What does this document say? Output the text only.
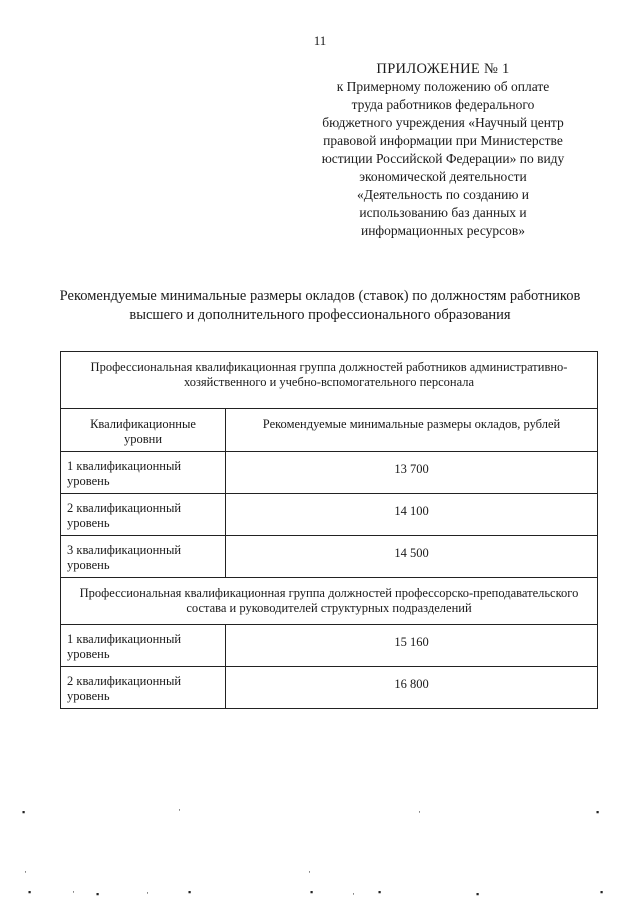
11
ПРИЛОЖЕНИЕ № 1
к Примерному положению об оплате
труда работников федерального
бюджетного учреждения «Научный центр
правовой информации при Министерстве
юстиции Российской Федерации» по виду
экономической деятельности
«Деятельность по созданию и
использованию баз данных и
информационных ресурсов»
Рекомендуемые минимальные размеры окладов (ставок) по должностям работников
высшего и дополнительного профессионального образования
Профессиональная квалификационная группа должностей работников административно-
хозяйственного и учебно-вспомогательного персонала	

Квалификационные
уровни	Рекомендуемые минимальные размеры окладов, рублей

1 квалификационный
уровень	13 700

2 квалификационный
уровень	14 100

3 квалификационный
уровень	14 500

Профессиональная квалификационная группа должностей профессорско-преподавательского
состава и руководителей структурных подразделений	

1 квалификационный
уровень	15 160

2 квалификационный
уровень	16 800
▪	·	·	▪
·	·
▪	· ▪	·	▪	▪	·	▪	▪	▪
